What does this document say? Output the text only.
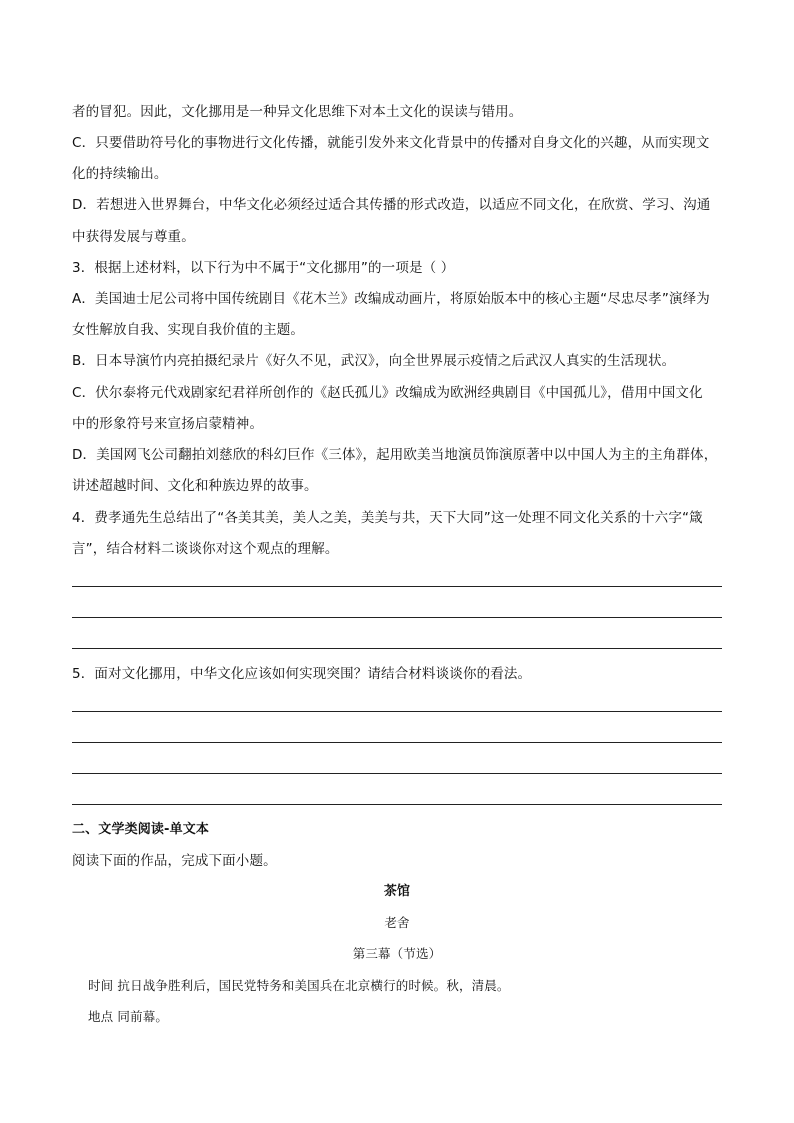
者的冒犯。因此，文化挪用是一种异文化思维下对本土文化的误读与错用。
C．只要借助符号化的事物进行文化传播，就能引发外来文化背景中的传播对自身文化的兴趣，从而实现文
化的持续输出。
D．若想进入世界舞台，中华文化必须经过适合其传播的形式改造，以适应不同文化，在欣赏、学习、沟通
中获得发展与尊重。
3．根据上述材料，以下行为中不属于“文化挪用”的一项是（ ）
A．美国迪士尼公司将中国传统剧目《花木兰》改编成动画片，将原始版本中的核心主题“尽忠尽孝”演绎为
女性解放自我、实现自我价值的主题。
B．日本导演竹内亮拍摄纪录片《好久不见，武汉》，向全世界展示疫情之后武汉人真实的生活现状。
C．伏尔泰将元代戏剧家纪君祥所创作的《赵氏孤儿》改编成为欧洲经典剧目《中国孤儿》，借用中国文化
中的形象符号来宣扬启蒙精神。
D．美国网飞公司翻拍刘慈欣的科幻巨作《三体》，起用欧美当地演员饰演原著中以中国人为主的主角群体，
讲述超越时间、文化和种族边界的故事。
4．费孝通先生总结出了“各美其美，美人之美，美美与共，天下大同”这一处理不同文化关系的十六字“箴
言”，结合材料二谈谈你对这个观点的理解。
5．面对文化挪用，中华文化应该如何实现突围？请结合材料谈谈你的看法。
二、文学类阅读-单文本
阅读下面的作品，完成下面小题。
茶馆
老舍
第三幕（节选）
时间 抗日战争胜利后，国民党特务和美国兵在北京横行的时候。秋，清晨。
地点 同前幕。
